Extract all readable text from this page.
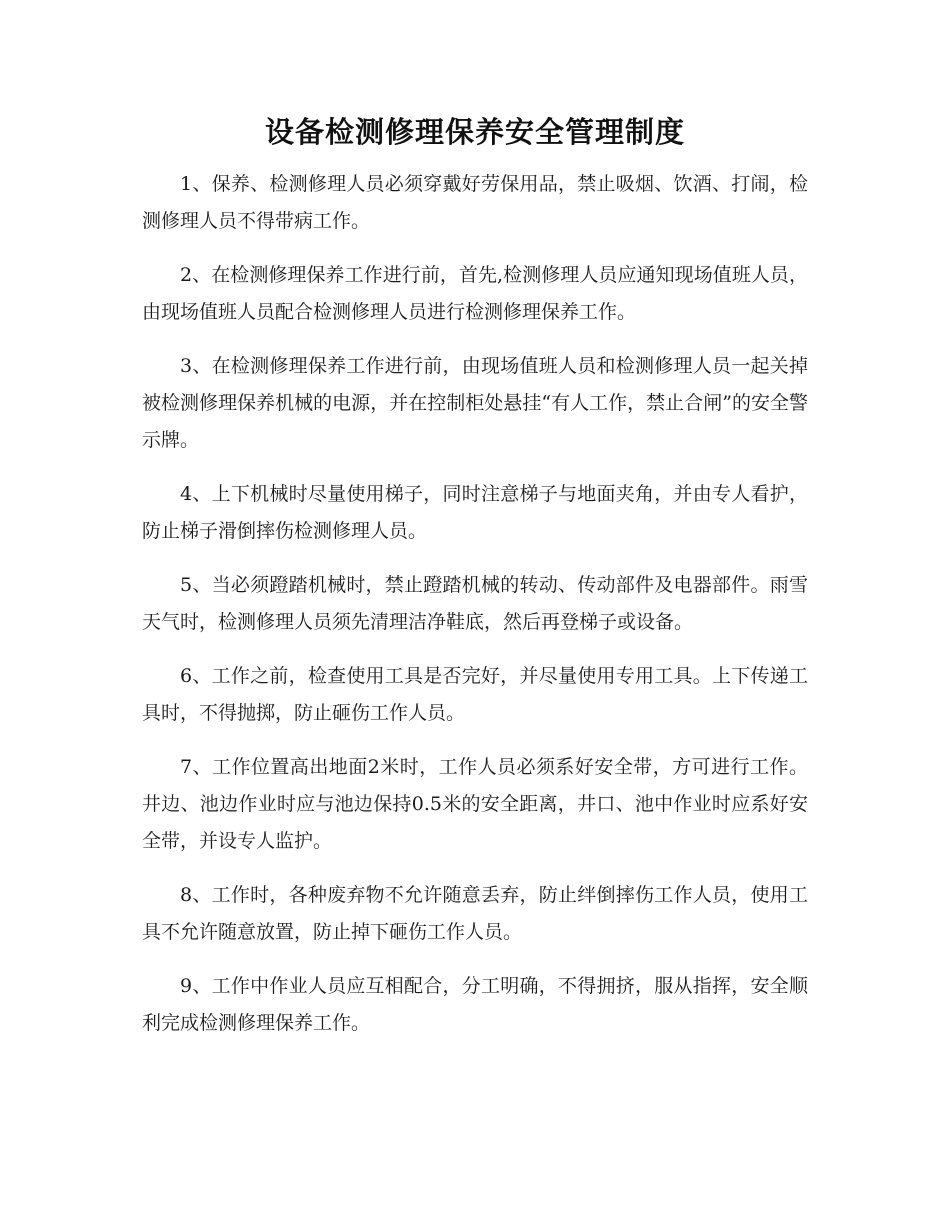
设备检测修理保养安全管理制度

1、保养、检测修理人员必须穿戴好劳保用品，禁止吸烟、饮酒、打闹，检测修理人员不得带病工作。

2、在检测修理保养工作进行前，首先,检测修理人员应通知现场值班人员，由现场值班人员配合检测修理人员进行检测修理保养工作。

3、在检测修理保养工作进行前，由现场值班人员和检测修理人员一起关掉被检测修理保养机械的电源，并在控制柜处悬挂“有人工作，禁止合闸”的安全警示牌。

4、上下机械时尽量使用梯子，同时注意梯子与地面夹角，并由专人看护，防止梯子滑倒摔伤检测修理人员。

5、当必须蹬踏机械时，禁止蹬踏机械的转动、传动部件及电器部件。雨雪天气时，检测修理人员须先清理洁净鞋底，然后再登梯子或设备。

6、工作之前，检查使用工具是否完好，并尽量使用专用工具。上下传递工具时，不得抛掷，防止砸伤工作人员。

7、工作位置高出地面2米时，工作人员必须系好安全带，方可进行工作。井边、池边作业时应与池边保持0.5米的安全距离，井口、池中作业时应系好安全带，并设专人监护。

8、工作时，各种废弃物不允许随意丢弃，防止绊倒摔伤工作人员，使用工具不允许随意放置，防止掉下砸伤工作人员。

9、工作中作业人员应互相配合，分工明确，不得拥挤，服从指挥，安全顺利完成检测修理保养工作。
